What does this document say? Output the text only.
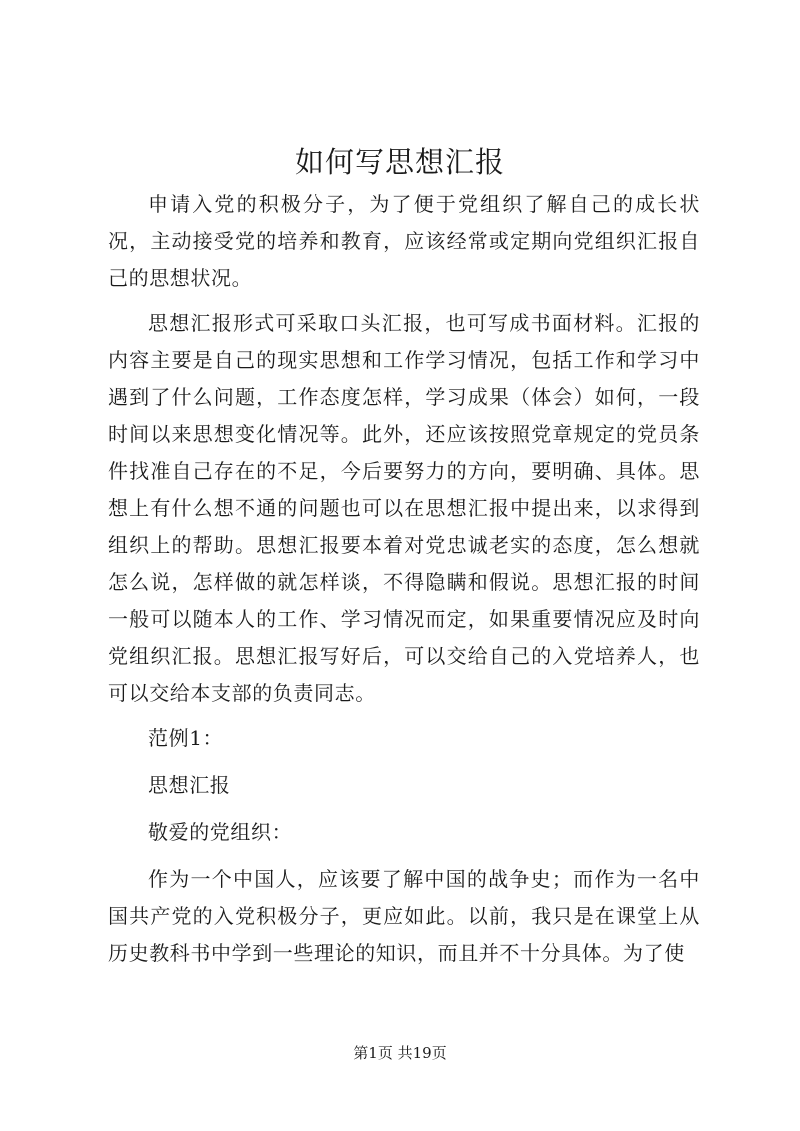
如何写思想汇报

申请入党的积极分子，为了便于党组织了解自己的成长状况，主动接受党的培养和教育，应该经常或定期向党组织汇报自己的思想状况。

思想汇报形式可采取口头汇报，也可写成书面材料。汇报的内容主要是自己的现实思想和工作学习情况，包括工作和学习中遇到了什么问题，工作态度怎样，学习成果（体会）如何，一段时间以来思想变化情况等。此外，还应该按照党章规定的党员条件找准自己存在的不足，今后要努力的方向，要明确、具体。思想上有什么想不通的问题也可以在思想汇报中提出来，以求得到组织上的帮助。思想汇报要本着对党忠诚老实的态度，怎么想就怎么说，怎样做的就怎样谈，不得隐瞒和假说。思想汇报的时间一般可以随本人的工作、学习情况而定，如果重要情况应及时向党组织汇报。思想汇报写好后，可以交给自己的入党培养人，也可以交给本支部的负责同志。

范例1：

思想汇报

敬爱的党组织：

作为一个中国人，应该要了解中国的战争史；而作为一名中国共产党的入党积极分子，更应如此。以前，我只是在课堂上从历史教科书中学到一些理论的知识，而且并不十分具体。为了使

第1页 共19页
